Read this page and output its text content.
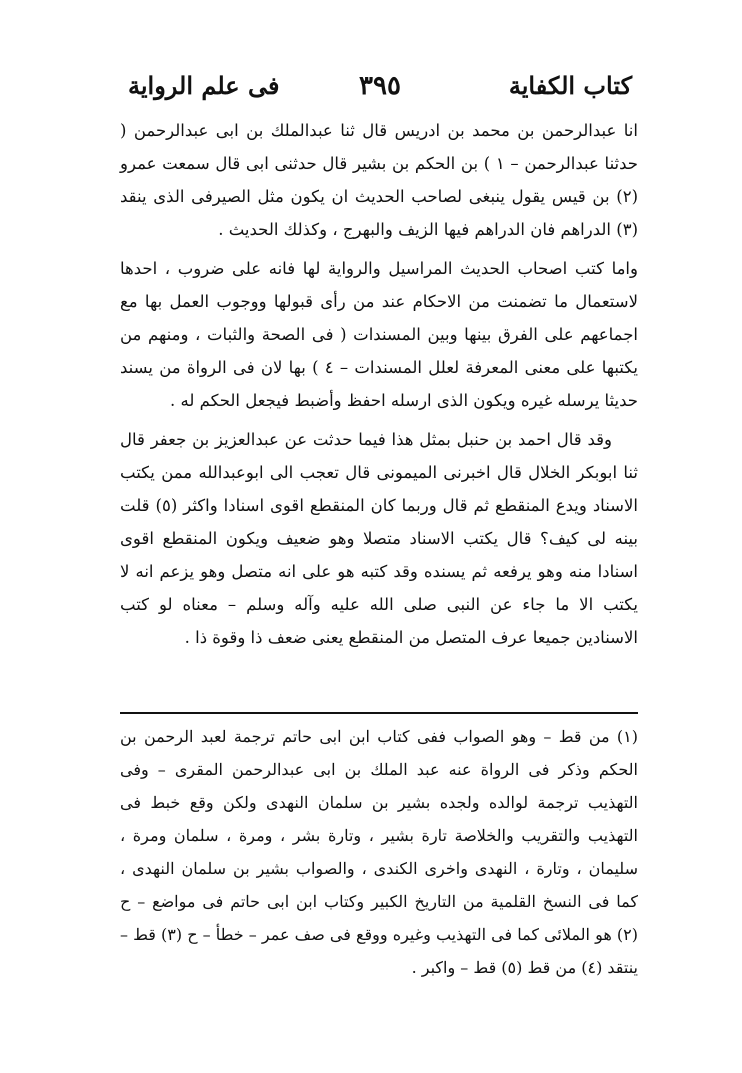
كتاب الكفاية
٣٩٥
فى علم الرواية

انا عبدالرحمن بن محمد بن ادريس قال ثنا عبدالملك بن ابى عبدالرحمن ( حدثنا عبدالرحمن – ١ ) بن الحكم بن بشير قال حدثنى ابى قال سمعت عمرو (٢) بن قيس يقول ينبغى لصاحب الحديث ان يكون مثل الصيرفى الذى ينقد (٣) الدراهم فان الدراهم فيها الزيف والبهرج ، وكذلك الحديث .

واما كتب اصحاب الحديث المراسيل والرواية لها فانه على ضروب ، احدها لاستعمال ما تضمنت من الاحكام عند من رأى قبولها ووجوب العمل بها مع اجماعهم على الفرق بينها وبين المسندات ( فى الصحة والثبات ، ومنهم من يكتبها على معنى المعرفة لعلل المسندات – ٤ ) بها لان فى الرواة من يسند حديثا يرسله غيره ويكون الذى ارسله احفظ وأضبط فيجعل الحكم له .

وقد قال احمد بن حنبل بمثل هذا فيما حدثت عن عبدالعزيز بن جعفر قال ثنا ابوبكر الخلال قال اخبرنى الميمونى قال تعجب الى ابوعبدالله ممن يكتب الاسناد ويدع المنقطع ثم قال وربما كان المنقطع اقوى اسنادا واكثر (٥) قلت بينه لى كيف؟ قال يكتب الاسناد متصلا وهو ضعيف ويكون المنقطع اقوى اسنادا منه وهو يرفعه ثم يسنده وقد كتبه هو على انه متصل وهو يزعم انه لا يكتب الا ما جاء عن النبى صلى الله عليه وآله وسلم – معناه لو كتب الاسنادين جميعا عرف المتصل من المنقطع يعنى ضعف ذا وقوة ذا .

(١) من قط – وهو الصواب ففى كتاب ابن ابى حاتم ترجمة لعبد الرحمن بن الحكم وذكر فى الرواة عنه عبد الملك بن ابى عبدالرحمن المقرى – وفى التهذيب ترجمة لوالده ولجده بشير بن سلمان النهدى ولكن وقع خبط فى التهذيب والتقريب والخلاصة تارة بشير ، وتارة بشر ، ومرة ، سلمان ومرة ، سليمان ، وتارة ، النهدى واخرى الكندى ، والصواب بشير بن سلمان النهدى ، كما فى النسخ القلمية من التاريخ الكبير وكتاب ابن ابى حاتم فى مواضع – ح (٢) هو الملائى كما فى التهذيب وغيره ووقع فى صف عمر – خطأ – ح (٣) قط – ينتقد (٤) من قط (٥) قط – واكبر .
